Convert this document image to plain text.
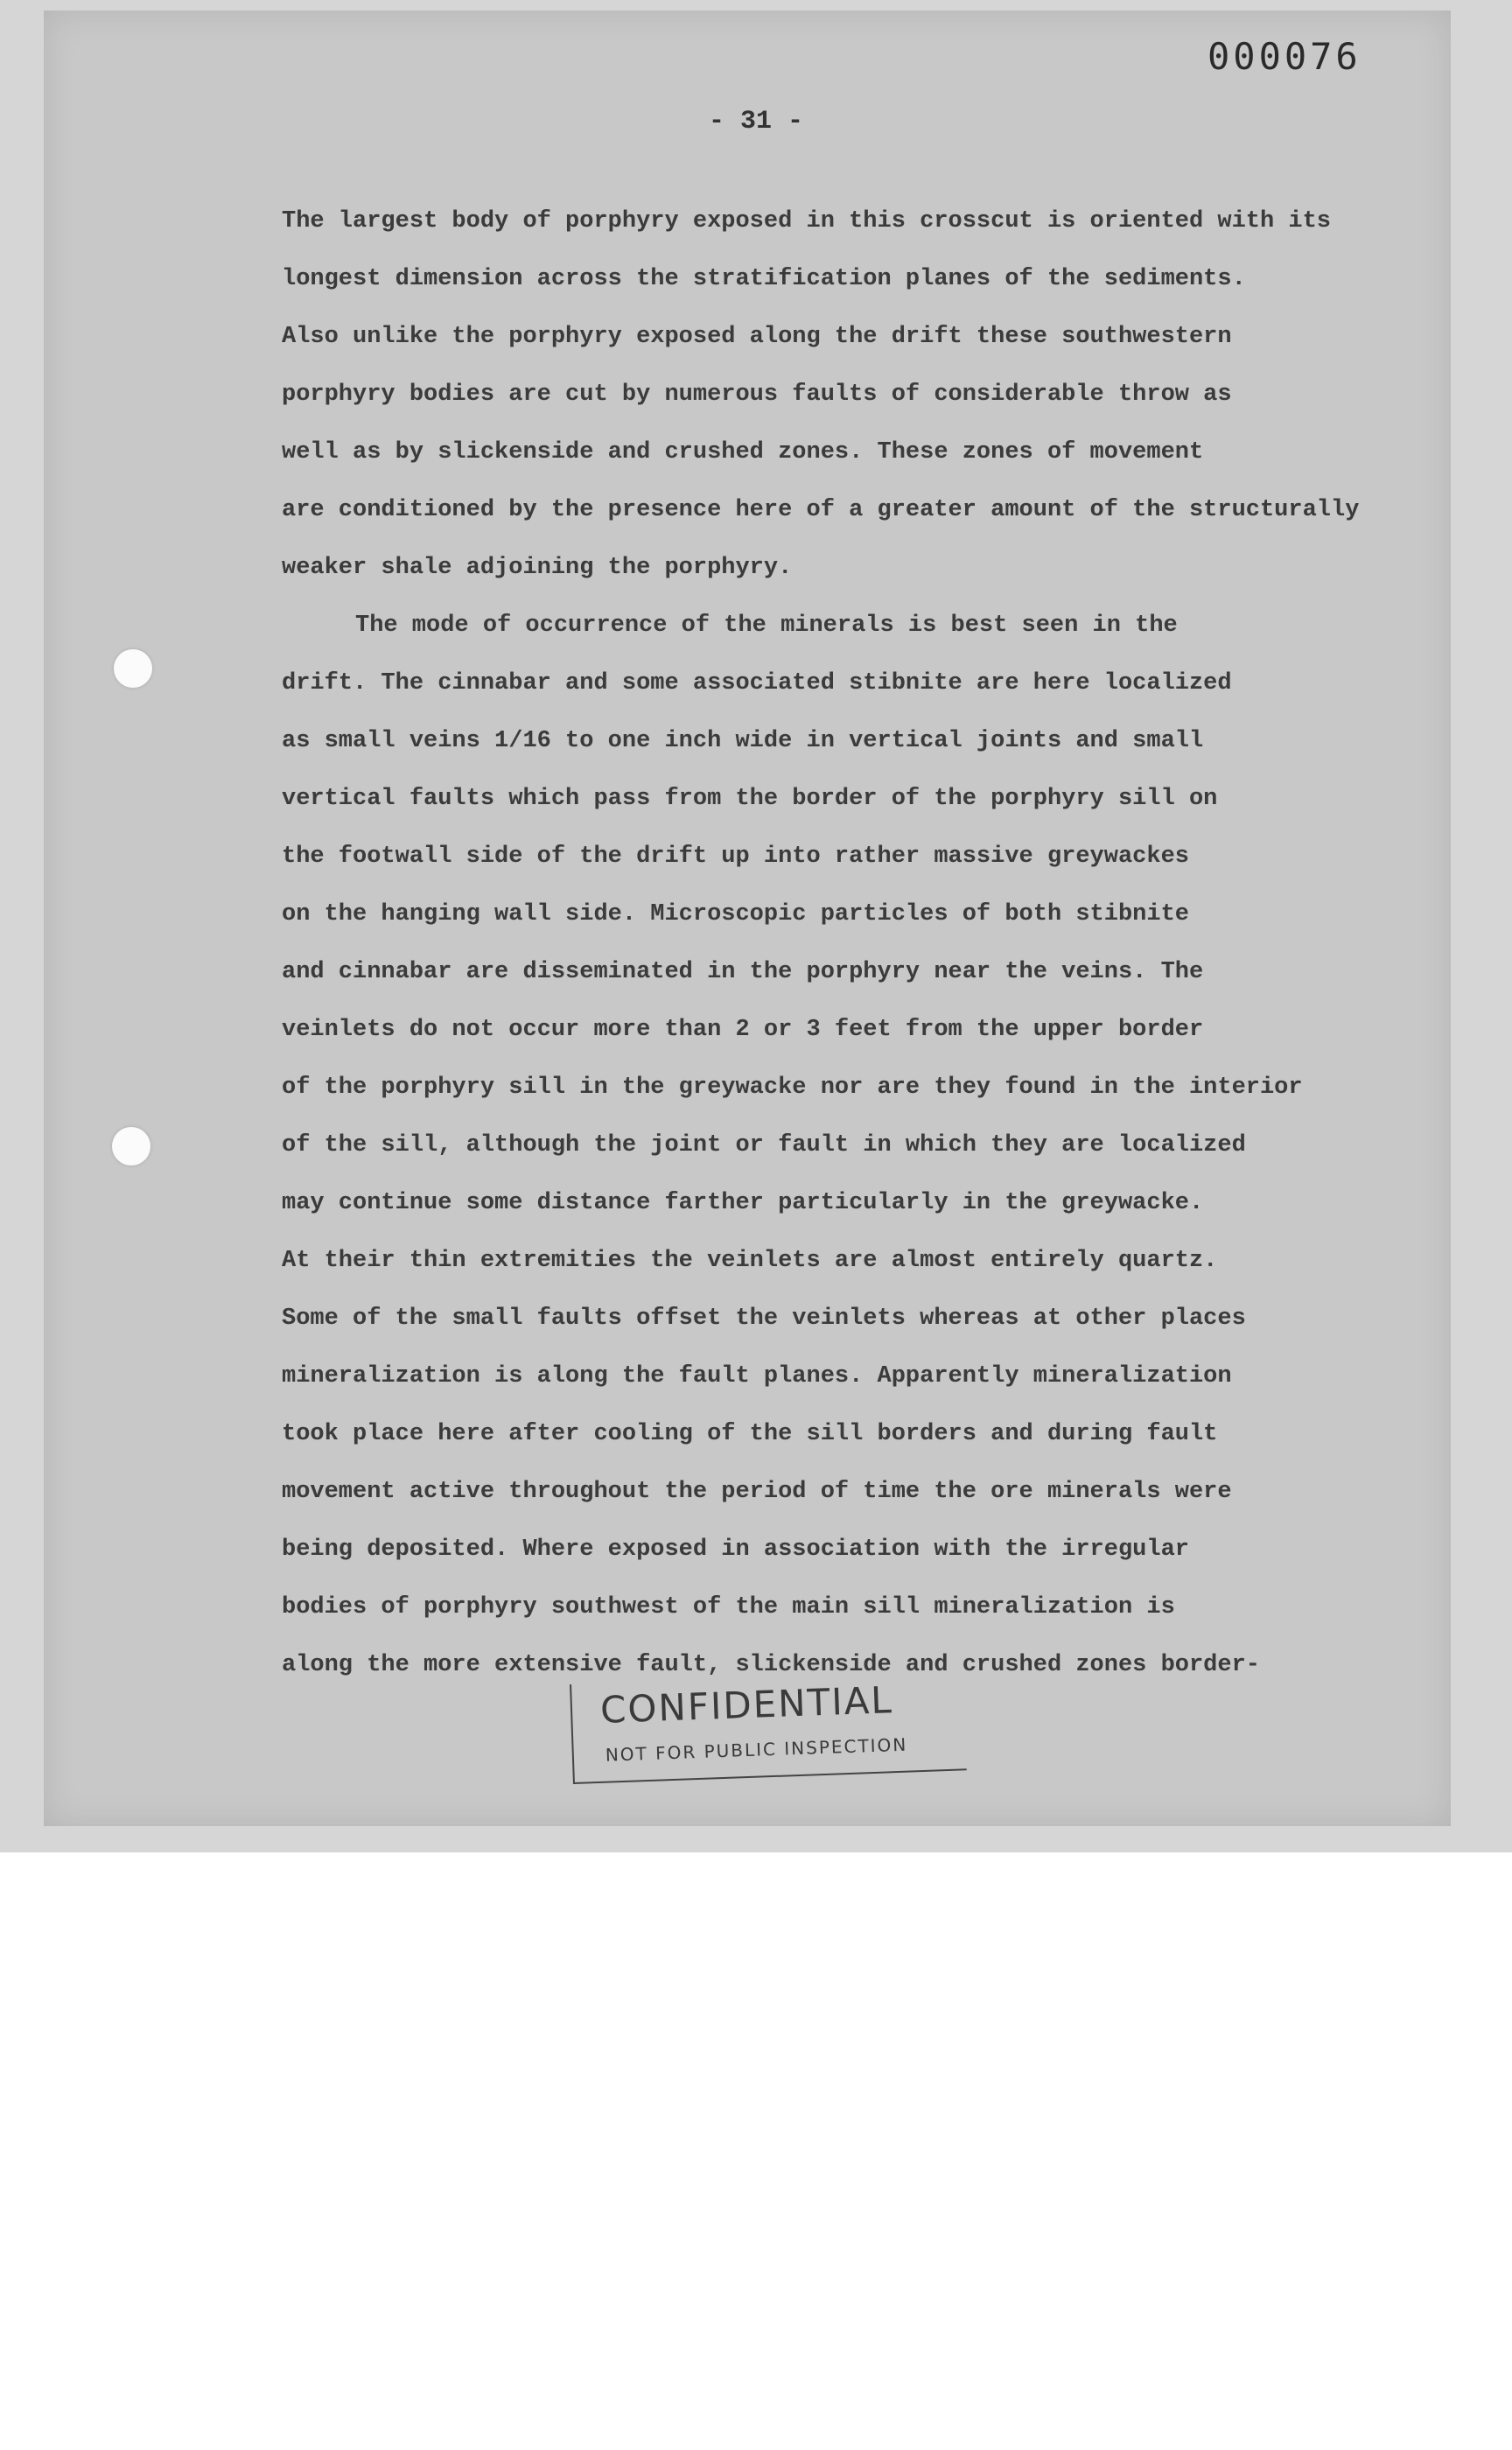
000076
- 31 -
The largest body of porphyry exposed in this crosscut is oriented with its
longest dimension across the stratification planes of the sediments.
Also unlike the porphyry exposed along the drift these southwestern
porphyry bodies are cut by numerous faults of considerable throw as
well as by slickenside and crushed zones. These zones of movement
are conditioned by the presence here of a greater amount of the structurally
weaker shale adjoining the porphyry.
The mode of occurrence of the minerals is best seen in the
drift. The cinnabar and some associated stibnite are here localized
as small veins 1/16 to one inch wide in vertical joints and small
vertical faults which pass from the border of the porphyry sill on
the footwall side of the drift up into rather massive greywackes
on the hanging wall side. Microscopic particles of both stibnite
and cinnabar are disseminated in the porphyry near the veins. The
veinlets do not occur more than 2 or 3 feet from the upper border
of the porphyry sill in the greywacke nor are they found in the interior
of the sill, although the joint or fault in which they are localized
may continue some distance farther particularly in the greywacke.
At their thin extremities the veinlets are almost entirely quartz.
Some of the small faults offset the veinlets whereas at other places
mineralization is along the fault planes. Apparently mineralization
took place here after cooling of the sill borders and during fault
movement active throughout the period of time the ore minerals were
being deposited. Where exposed in association with the irregular
bodies of porphyry southwest of the main sill mineralization is
along the more extensive fault, slickenside and crushed zones border-
CONFIDENTIAL
NOT FOR PUBLIC INSPECTION
